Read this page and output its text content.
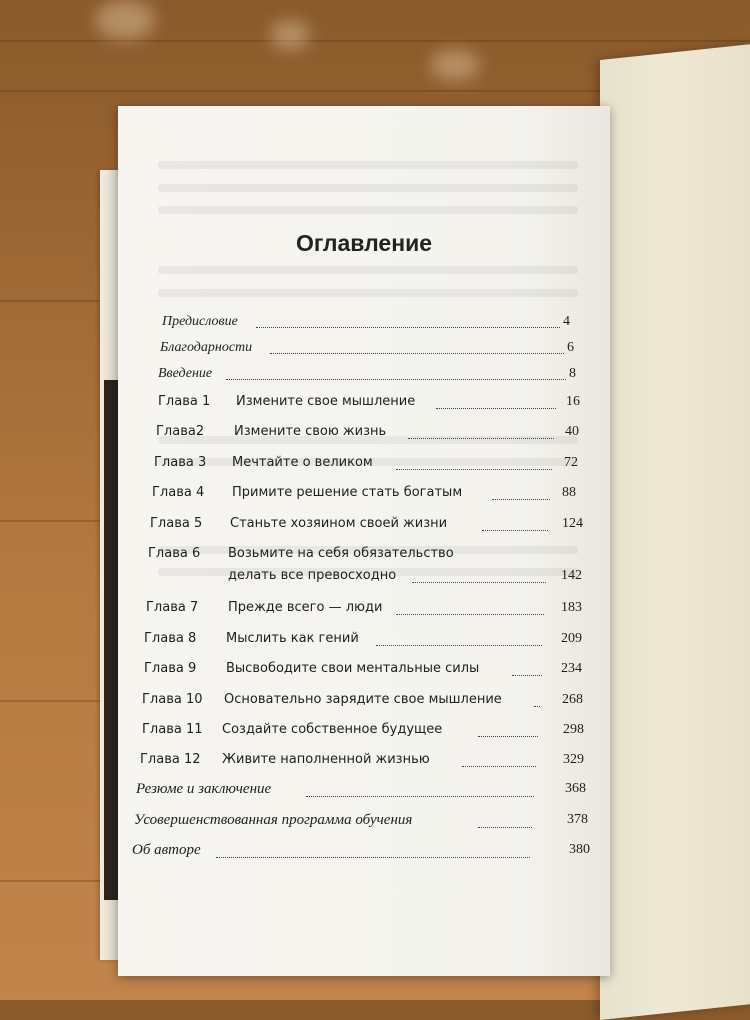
Оглавление
Предисловие	4
Благодарности	6
Введение	8
Глава 1 Измените свое мышление	16
Глава2 Измените свою жизнь	40
Глава 3 Мечтайте о великом	72
Глава 4 Примите решение стать богатым	88
Глава 5 Станьте хозяином своей жизни	124
Глава 6 Возьмите на себя обязательство
делать все превосходно	142
Глава 7 Прежде всего — люди	183
Глава 8 Мыслить как гений	209
Глава 9 Высвободите свои ментальные силы	234
Глава 10 Основательно зарядите свое мышление	268
Глава 11 Создайте собственное будущее	298
Глава 12 Живите наполненной жизнью	329
Резюме и заключение	368
Усовершенствованная программа обучения	378
Об авторе	380
